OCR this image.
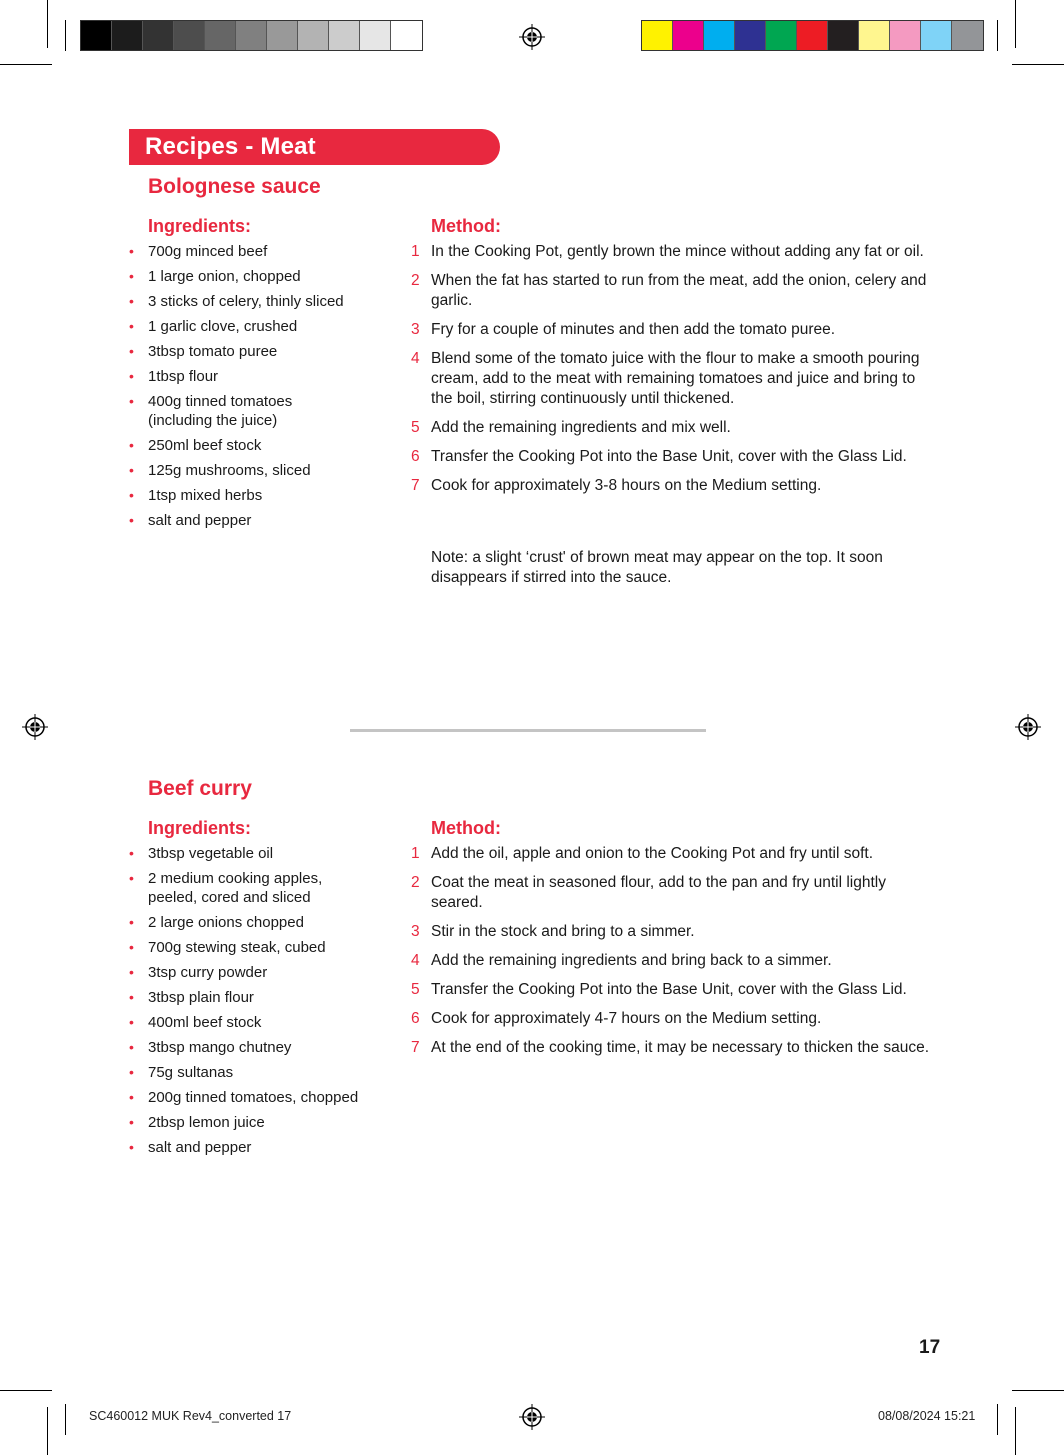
Recipes - Meat
Bolognese sauce
Ingredients:	Method:
• 700g minced beef
• 1 large onion, chopped
• 3 sticks of celery, thinly sliced
• 1 garlic clove, crushed
• 3tbsp tomato puree
• 1tbsp flour
• 400g tinned tomatoes
(including the juice)
• 250ml beef stock
• 125g mushrooms, sliced
• 1tsp mixed herbs
• salt and pepper
1 In the Cooking Pot, gently brown the mince without adding any fat or oil.
2 When the fat has started to run from the meat, add the onion, celery and garlic.
3 Fry for a couple of minutes and then add the tomato puree.
4 Blend some of the tomato juice with the flour to make a smooth pouring cream, add to the meat with remaining tomatoes and juice and bring to the boil, stirring continuously until thickened.
5 Add the remaining ingredients and mix well.
6 Transfer the Cooking Pot into the Base Unit, cover with the Glass Lid.
7 Cook for approximately 3-8 hours on the Medium setting.

Note: a slight ‘crust' of brown meat may appear on the top. It soon disappears if stirred into the sauce.

Beef curry
Ingredients:	Method:
• 3tbsp vegetable oil
• 2 medium cooking apples,
peeled, cored and sliced
• 2 large onions chopped
• 700g stewing steak, cubed
• 3tsp curry powder
• 3tbsp plain flour
• 400ml beef stock
• 3tbsp mango chutney
• 75g sultanas
• 200g tinned tomatoes, chopped
• 2tbsp lemon juice
• salt and pepper
1 Add the oil, apple and onion to the Cooking Pot and fry until soft.
2 Coat the meat in seasoned flour, add to the pan and fry until lightly seared.
3 Stir in the stock and bring to a simmer.
4 Add the remaining ingredients and bring back to a simmer.
5 Transfer the Cooking Pot into the Base Unit, cover with the Glass Lid.
6 Cook for approximately 4-7 hours on the Medium setting.
7 At the end of the cooking time, it may be necessary to thicken the sauce.
17
SC460012 MUK Rev4_converted 17	08/08/2024 15:21
